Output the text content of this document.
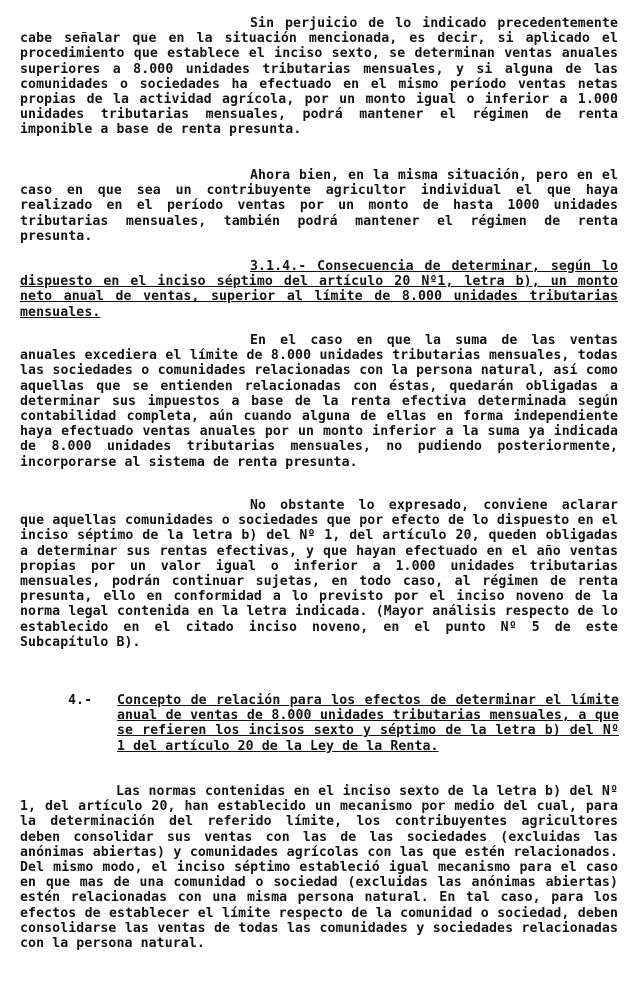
Sin perjuicio de lo indicado precedentemente cabe señalar que en la situación mencionada, es decir, si aplicado el procedimiento que establece el inciso sexto, se determinan ventas anuales superiores a 8.000 unidades tributarias mensuales, y si alguna de las comunidades o sociedades ha efectuado en el mismo período ventas netas propias de la actividad agrícola, por un monto igual o inferior a 1.000 unidades tributarias mensuales, podrá mantener el régimen de renta imponible a base de renta presunta.

Ahora bien, en la misma situación, pero en el caso en que sea un contribuyente agricultor individual el que haya realizado en el período ventas por un monto de hasta 1000 unidades tributarias mensuales, también podrá mantener el régimen de renta presunta.

3.1.4.- Consecuencia de determinar, según lo dispuesto en el inciso séptimo del artículo 20 Nº1, letra b), un monto neto anual de ventas, superior al límite de 8.000 unidades tributarias mensuales.

En el caso en que la suma de las ventas anuales excediera el límite de 8.000 unidades tributarias mensuales, todas las sociedades o comunidades relacionadas con la persona natural, así como aquellas que se entienden relacionadas con éstas, quedarán obligadas a determinar sus impuestos a base de la renta efectiva determinada según contabilidad completa, aún cuando alguna de ellas en forma independiente haya efectuado ventas anuales por un monto inferior a la suma ya indicada de 8.000 unidades tributarias mensuales, no pudiendo posteriormente, incorporarse al sistema de renta presunta.

No obstante lo expresado, conviene aclarar que aquellas comunidades o sociedades que por efecto de lo dispuesto en el inciso séptimo de la letra b) del Nº 1, del artículo 20, queden obligadas a determinar sus rentas efectivas, y que hayan efectuado en el año ventas propias por un valor igual o inferior a 1.000 unidades tributarias mensuales, podrán continuar sujetas, en todo caso, al régimen de renta presunta, ello en conformidad a lo previsto por el inciso noveno de la norma legal contenida en la letra indicada. (Mayor análisis respecto de lo establecido en el citado inciso noveno, en el punto Nº 5 de este Subcapítulo B).

4.- Concepto de relación para los efectos de determinar el límite anual de ventas de 8.000 unidades tributarias mensuales, a que se refieren los incisos sexto y séptimo de la letra b) del Nº 1 del artículo 20 de la Ley de la Renta.

Las normas contenidas en el inciso sexto de la letra b) del Nº 1, del artículo 20, han establecido un mecanismo por medio del cual, para la determinación del referido límite, los contribuyentes agricultores deben consolidar sus ventas con las de las sociedades (excluidas las anónimas abiertas) y comunidades agrícolas con las que estén relacionados. Del mismo modo, el inciso séptimo estableció igual mecanismo para el caso en que mas de una comunidad o sociedad (excluidas las anónimas abiertas) estén relacionadas con una misma persona natural. En tal caso, para los efectos de establecer el límite respecto de la comunidad o sociedad, deben consolidarse las ventas de todas las comunidades y sociedades relacionadas con la persona natural.
